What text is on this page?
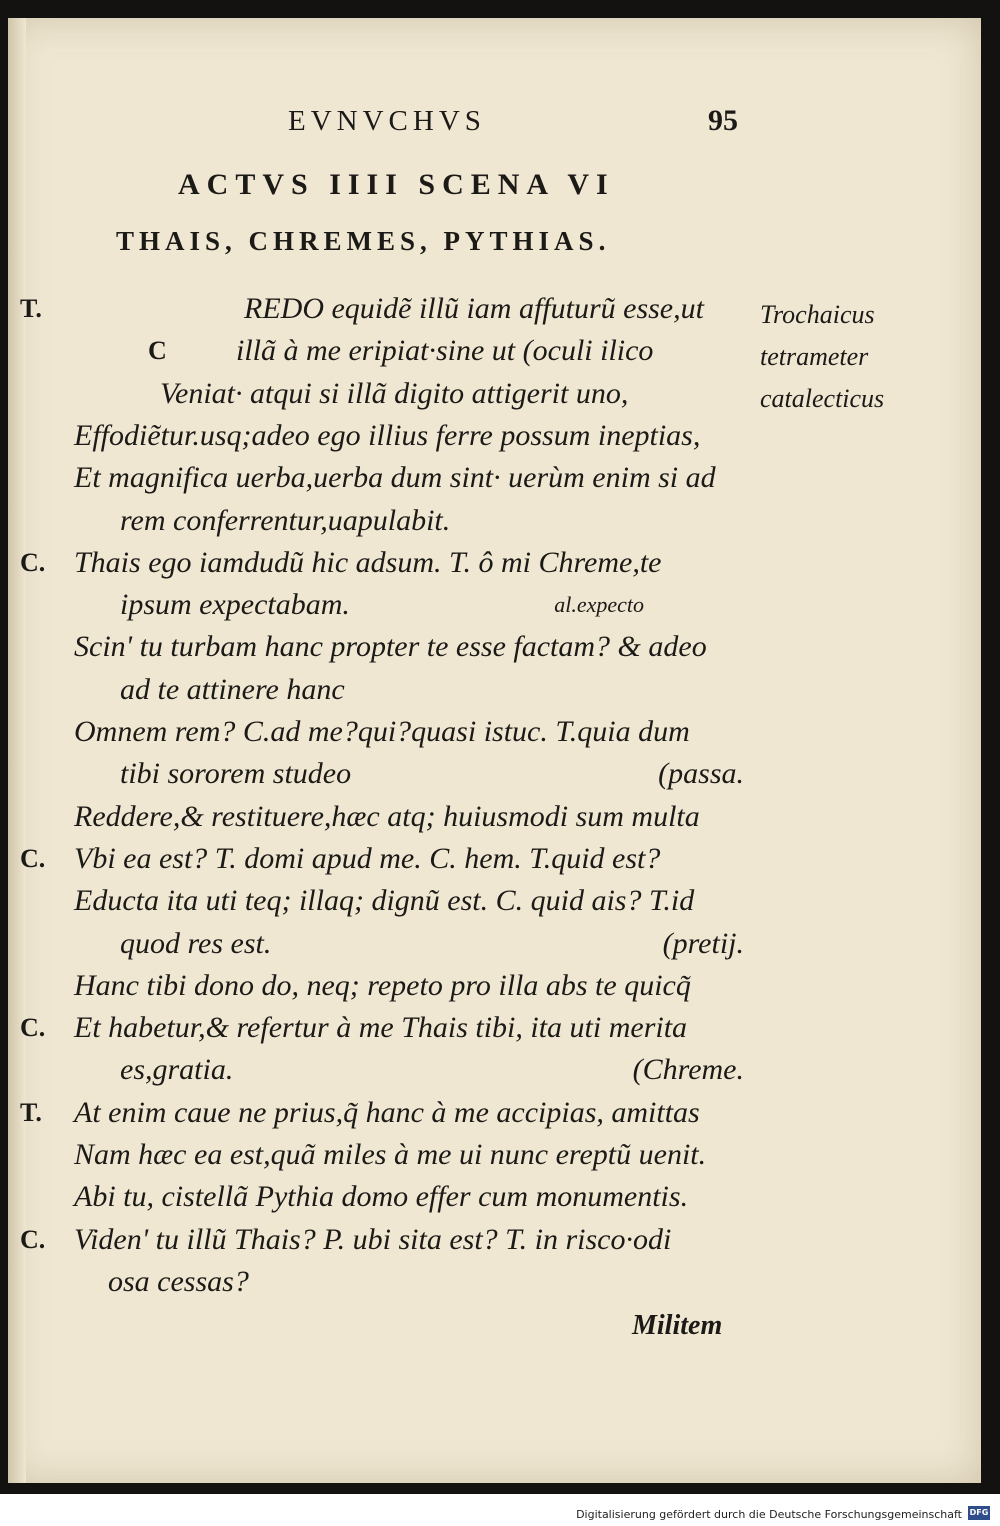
EVNVCHVS	95
ACTVS IIII SCENA VI
THAIS, CHREMES, PYTHIAS.
Trochaicus
tetrameter
catalecticus
T.	REDO equidẽ illũ iam affuturũ esse,ut
C illã à me eripiat·sine ut (oculi ilico
Veniat· atqui si illã digito attigerit uno,
Effodiẽtur.usq;adeo ego illius ferre possum ineptias,
Et magnifica uerba,uerba dum sint· uerùm enim si ad
rem conferrentur,uapulabit.
C. Thais ego iamdudũ hic adsum. T. ô mi Chreme,te
ipsum expectabam.	al.expecto
Scin' tu turbam hanc propter te esse factam? & adeo
ad te attinere hanc
Omnem rem? C.ad me?qui?quasi istuc. T.quia dum
tibi sororem studeo	(passa.
Reddere,& restituere,hæc atq; huiusmodi sum multa
C. Vbi ea est? T. domi apud me. C. hem. T.quid est?
Educta ita uti teq; illaq; dignũ est. C. quid ais? T.id
quod res est.	(pretij.
Hanc tibi dono do, neq; repeto pro illa abs te quicq̃
C. Et habetur,& refertur à me Thais tibi, ita uti merita
es,gratia.	(Chreme.
T. At enim caue ne prius,q̃ hanc à me accipias, amittas
Nam hæc ea est,quã miles à me ui nunc ereptũ uenit.
Abi tu, cistellã Pythia domo effer cum monumentis.
C. Viden' tu illũ Thais? P. ubi sita est? T. in risco·odi
osa cessas?
Militem
Digitalisierung gefördert durch die Deutsche Forschungsgemeinschaft DFG
